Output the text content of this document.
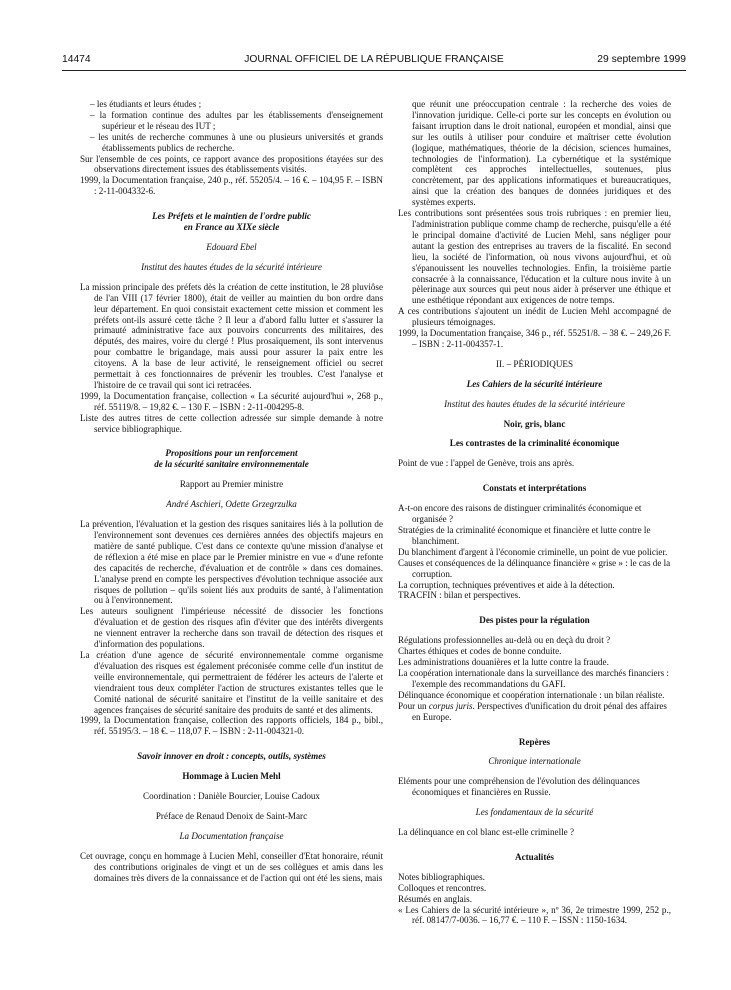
14474	JOURNAL OFFICIEL DE LA RÉPUBLIQUE FRANÇAISE	29 septembre 1999

– les étudiants et leurs études ;

– la formation continue des adultes par les établissements d'enseignement supérieur et le réseau des IUT ;

– les unités de recherche communes à une ou plusieurs universités et grands établissements publics de recherche.

Sur l'ensemble de ces points, ce rapport avance des propositions étayées sur des observations directement issues des établissements visités.

1999, la Documentation française, 240 p., réf. 55205/4. – 16 €. – 104,95 F. – ISBN : 2-11-004332-6.

Les Préfets et le maintien de l'ordre public

en France au XIXe siècle

Edouard Ebel

Institut des hautes études de la sécurité intérieure

La mission principale des préfets dès la création de cette institution, le 28 pluviôse de l'an VIII (17 février 1800), était de veiller au maintien du bon ordre dans leur département. En quoi consistait exactement cette mission et comment les préfets ont-ils assuré cette tâche ? Il leur a d'abord fallu lutter et s'assurer la primauté administrative face aux pouvoirs concurrents des militaires, des députés, des maires, voire du clergé ! Plus prosaïquement, ils sont intervenus pour combattre le brigandage, mais aussi pour assurer la paix entre les citoyens. A la base de leur activité, le renseignement officiel ou secret permettait à ces fonctionnaires de prévenir les troubles. C'est l'analyse et l'histoire de ce travail qui sont ici retracées.

1999, la Documentation française, collection « La sécurité aujourd'hui », 268 p., réf. 55119/8. – 19,82 €. – 130 F. – ISBN : 2-11-004295-8.

Liste des autres titres de cette collection adressée sur simple demande à notre service bibliographique.

Propositions pour un renforcement

de la sécurité sanitaire environnementale

Rapport au Premier ministre

André Aschieri, Odette Grzegrzulka

La prévention, l'évaluation et la gestion des risques sanitaires liés à la pollution de l'environnement sont devenues ces dernières années des objectifs majeurs en matière de santé publique. C'est dans ce contexte qu'une mission d'analyse et de réflexion a été mise en place par le Premier ministre en vue « d'une refonte des capacités de recherche, d'évaluation et de contrôle » dans ces domaines. L'analyse prend en compte les perspectives d'évolution technique associée aux risques de pollution – qu'ils soient liés aux produits de santé, à l'alimentation ou à l'environnement.

Les auteurs soulignent l'impérieuse nécessité de dissocier les fonctions d'évaluation et de gestion des risques afin d'éviter que des intérêts divergents ne viennent entraver la recherche dans son travail de détection des risques et d'information des populations.

La création d'une agence de sécurité environnementale comme organisme d'évaluation des risques est également préconisée comme celle d'un institut de veille environnementale, qui permettraient de fédérer les acteurs de l'alerte et viendraient tous deux compléter l'action de structures existantes telles que le Comité national de sécurité sanitaire et l'institut de la veille sanitaire et des agences françaises de sécurité sanitaire des produits de santé et des aliments.

1999, la Documentation française, collection des rapports officiels, 184 p., bibl., réf. 55195/3. – 18 €. – 118,07 F. – ISBN : 2-11-004321-0.

Savoir innover en droit : concepts, outils, systèmes

Hommage à Lucien Mehl

Coordination : Danièle Bourcier, Louise Cadoux

Préface de Renaud Denoix de Saint-Marc

La Documentation française

Cet ouvrage, conçu en hommage à Lucien Mehl, conseiller d'Etat honoraire, réunit des contributions originales de vingt et un de ses collègues et amis dans les domaines très divers de la connaissance et de l'action qui ont été les siens, mais

que réunit une préoccupation centrale : la recherche des voies de l'innovation juridique. Celle-ci porte sur les concepts en évolution ou faisant irruption dans le droit national, européen et mondial, ainsi que sur les outils à utiliser pour conduire et maîtriser cette évolution (logique, mathématiques, théorie de la décision, sciences humaines, technologies de l'information). La cybernétique et la systémique complètent ces approches intellectuelles, soutenues, plus concrètement, par des applications informatiques et bureaucratiques, ainsi que la création des banques de données juridiques et des systèmes experts.

Les contributions sont présentées sous trois rubriques : en premier lieu, l'administration publique comme champ de recherche, puisqu'elle a été le principal domaine d'activité de Lucien Mehl, sans négliger pour autant la gestion des entreprises au travers de la fiscalité. En second lieu, la société de l'information, où nous vivons aujourd'hui, et où s'épanouissent les nouvelles technologies. Enfin, la troisième partie consacrée à la connaissance, l'éducation et la culture nous invite à un pèlerinage aux sources qui peut nous aider à préserver une éthique et une esthétique répondant aux exigences de notre temps.

A ces contributions s'ajoutent un inédit de Lucien Mehl accompagné de plusieurs témoignages.

1999, la Documentation française, 346 p., réf. 55251/8. – 38 €. – 249,26 F. – ISBN : 2-11-004357-1.

II. – PÉRIODIQUES

Les Cahiers de la sécurité intérieure

Institut des hautes études de la sécurité intérieure

Noir, gris, blanc

Les contrastes de la criminalité économique

Point de vue : l'appel de Genève, trois ans après.

Constats et interprétations

A-t-on encore des raisons de distinguer criminalités économique et organisée ?

Stratégies de la criminalité économique et financière et lutte contre le blanchiment.

Du blanchiment d'argent à l'économie criminelle, un point de vue policier.

Causes et conséquences de la délinquance financière « grise » : le cas de la corruption.

La corruption, techniques préventives et aide à la détection.

TRACFIN : bilan et perspectives.

Des pistes pour la régulation

Régulations professionnelles au-delà ou en deçà du droit ?

Chartes éthiques et codes de bonne conduite.

Les administrations douanières et la lutte contre la fraude.

La coopération internationale dans la surveillance des marchés financiers : l'exemple des recommandations du GAFI.

Délinquance économique et coopération internationale : un bilan réaliste.

Pour un corpus juris. Perspectives d'unification du droit pénal des affaires en Europe.

Repères

Chronique internationale

Eléments pour une compréhension de l'évolution des délinquances économiques et financières en Russie.

Les fondamentaux de la sécurité

La délinquance en col blanc est-elle criminelle ?

Actualités

Notes bibliographiques.

Colloques et rencontres.

Résumés en anglais.

« Les Cahiers de la sécurité intérieure », nº 36, 2e trimestre 1999, 252 p., réf. 08147/7-0036. – 16,77 €. – 110 F. – ISSN : 1150-1634.
